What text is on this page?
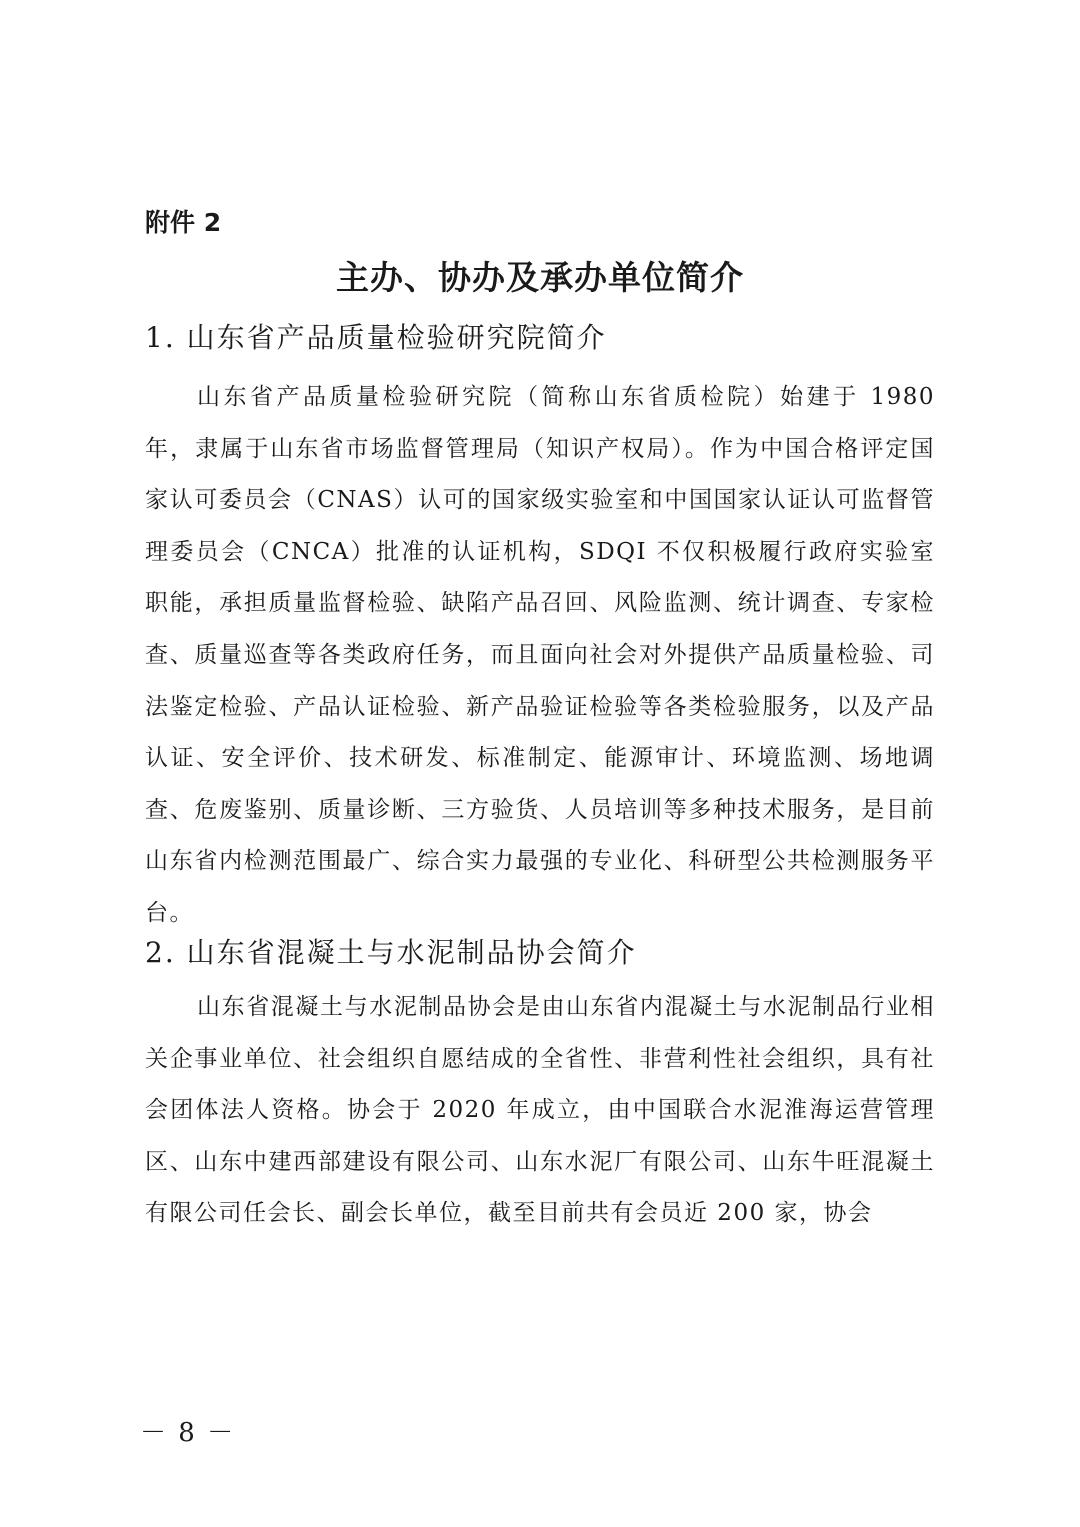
附件 2
主办、协办及承办单位简介
1. 山东省产品质量检验研究院简介

山东省产品质量检验研究院（简称山东省质检院）始建于 1980 年，隶属于山东省市场监督管理局（知识产权局）。作为中国合格评定国家认可委员会（CNAS）认可的国家级实验室和中国国家认证认可监督管理委员会（CNCA）批准的认证机构，SDQI 不仅积极履行政府实验室职能，承担质量监督检验、缺陷产品召回、风险监测、统计调查、专家检查、质量巡查等各类政府任务，而且面向社会对外提供产品质量检验、司法鉴定检验、产品认证检验、新产品验证检验等各类检验服务，以及产品认证、安全评价、技术研发、标准制定、能源审计、环境监测、场地调查、危废鉴别、质量诊断、三方验货、人员培训等多种技术服务，是目前山东省内检测范围最广、综合实力最强的专业化、科研型公共检测服务平台。

2. 山东省混凝土与水泥制品协会简介

山东省混凝土与水泥制品协会是由山东省内混凝土与水泥制品行业相关企事业单位、社会组织自愿结成的全省性、非营利性社会组织，具有社会团体法人资格。协会于 2020 年成立，由中国联合水泥淮海运营管理区、山东中建西部建设有限公司、山东水泥厂有限公司、山东牛旺混凝土有限公司任会长、副会长单位，截至目前共有会员近 200 家，协会

－ 8 －
